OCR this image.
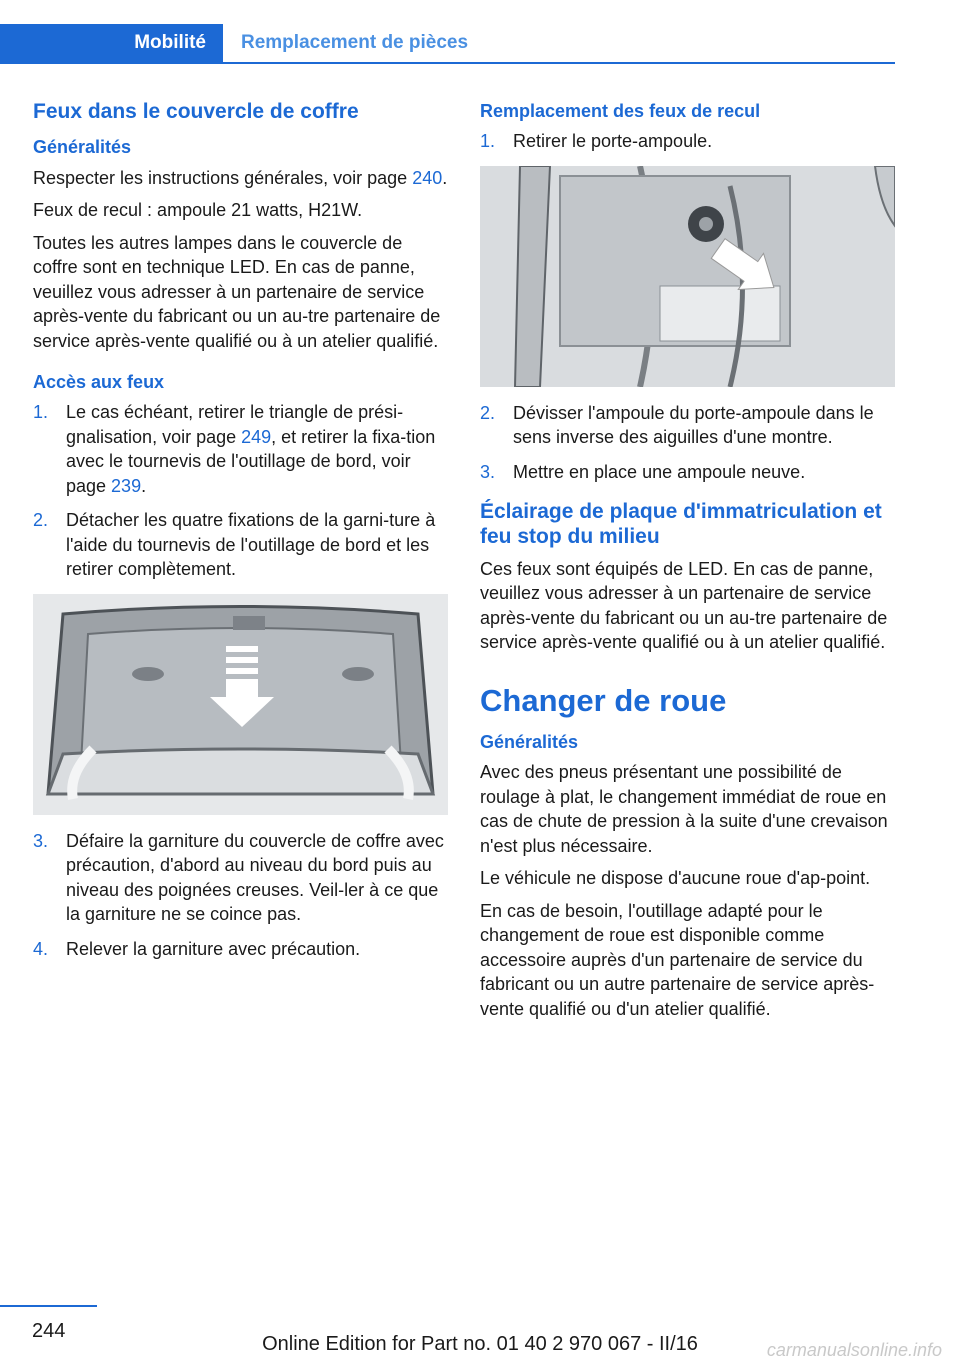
Mobilité Remplacement de pièces
Feux dans le couvercle de coffre
Généralités

Respecter les instructions générales, voir page 240.

Feux de recul : ampoule 21 watts, H21W.

Toutes les autres lampes dans le couvercle de coffre sont en technique LED. En cas de panne, veuillez vous adresser à un partenaire de service après-vente du fabricant ou un au‐tre partenaire de service après-vente qualifié ou à un atelier qualifié.

Accès aux feux
1. Le cas échéant, retirer le triangle de prési‐gnalisation, voir page 249, et retirer la fixa‐tion avec le tournevis de l'outillage de bord, voir page 239.
2. Détacher les quatre fixations de la garni‐ture à l'aide du tournevis de l'outillage de bord et les retirer complètement.
3. Défaire la garniture du couvercle de coffre avec précaution, d'abord au niveau du bord puis au niveau des poignées creuses. Veil‐ler à ce que la garniture ne se coince pas.
4. Relever la garniture avec précaution.
Remplacement des feux de recul
1. Retirer le porte-ampoule.
2. Dévisser l'ampoule du porte-ampoule dans le sens inverse des aiguilles d'une montre.
3. Mettre en place une ampoule neuve.
Éclairage de plaque d'immatriculation et feu stop du milieu

Ces feux sont équipés de LED. En cas de panne, veuillez vous adresser à un partenaire de service après-vente du fabricant ou un au‐tre partenaire de service après-vente qualifié ou à un atelier qualifié.

Changer de roue
Généralités

Avec des pneus présentant une possibilité de roulage à plat, le changement immédiat de roue en cas de chute de pression à la suite d'une crevaison n'est plus nécessaire.

Le véhicule ne dispose d'aucune roue d'ap‐point.

En cas de besoin, l'outillage adapté pour le changement de roue est disponible comme accessoire auprès d'un partenaire de service du fabricant ou un autre partenaire de service après-vente qualifié ou d'un atelier qualifié.

244
Online Edition for Part no. 01 40 2 970 067 - II/16	carmanualsonline.info
